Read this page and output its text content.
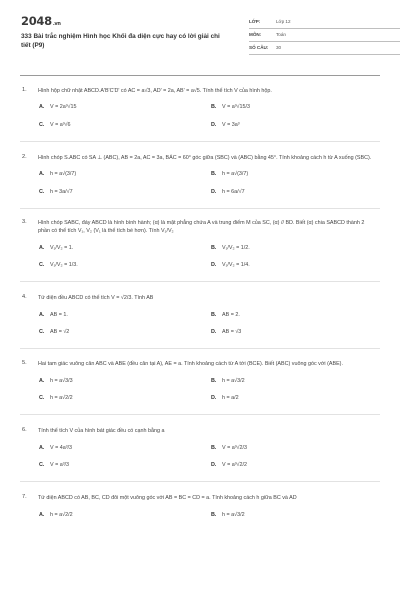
2048.vn
333 Bài trắc nghiệm Hình học Khối đa diện cực hay có lời giải chi tiết (P9)
LỚP:	Lớp 12
MÔN:	Toán
SỐ CÂU:	30
1. Hình hộp chữ nhật ABCD.A'B'C'D' có AC = a√3, AD' = 2a, AB' = a√5. Tính thể tích V của hình hộp.
A.	V = 2a³√15	B.	V = a³√15/3
C.	V = a³√6	D.	V = 3a³
2. Hình chóp S.ABC có SA ⊥ (ABC), AB = 2a, AC = 3a, BÁC = 60° góc giữa (SBC) và (ABC) bằng 45°. Tính khoảng cách h từ A xuống (SBC).
A.	h = a√(3/7)	B.	h = a√(3/7)
C.	h = 3a/√7	D.	h = 6a/√7
3. Hình chóp SABC, đáy ABCD là hình bình hành; (α) là mặt phẳng chứa A và trung điểm M của SC, (α) // BD. Biết (α) chia SABCD thành 2 phần có thể tích V₁, V₂ (V₁ là thể tích bé hơn). Tính V₁/V₂
A.	V₁/V₂ = 1.	B.	V₁/V₂ = 1/2.
C.	V₁/V₂ = 1/3.	D.	V₁/V₂ = 1/4.
4. Tứ diện đều ABCD có thể tích V = √2/3. Tính AB
A.	AB = 1.	B.	AB = 2.
C.	AB = √2	D.	AB = √3
5. Hai tam giác vuông cân ABC và ABE (đều cân tại A), AE = a. Tính khoảng cách từ A tới (BCE). Biết (ABC) vuông góc với (ABE).
A.	h = a√3/3	B.	h = a√3/2
C.	h = a√2/2	D.	h = a/2
6. Tính thể tích V của hình bát giác đều có cạnh bằng a
A.	V = 4a³/3	B.	V = a³√2/3
C.	V = a³/3	D.	V = a³√2/2
7. Tứ diện ABCD có AB, BC, CD đôi một vuông góc với AB = BC = CD = a. Tính khoảng cách h giữa BC và AD
A.	h = a√2/2	B.	h = a√3/2
